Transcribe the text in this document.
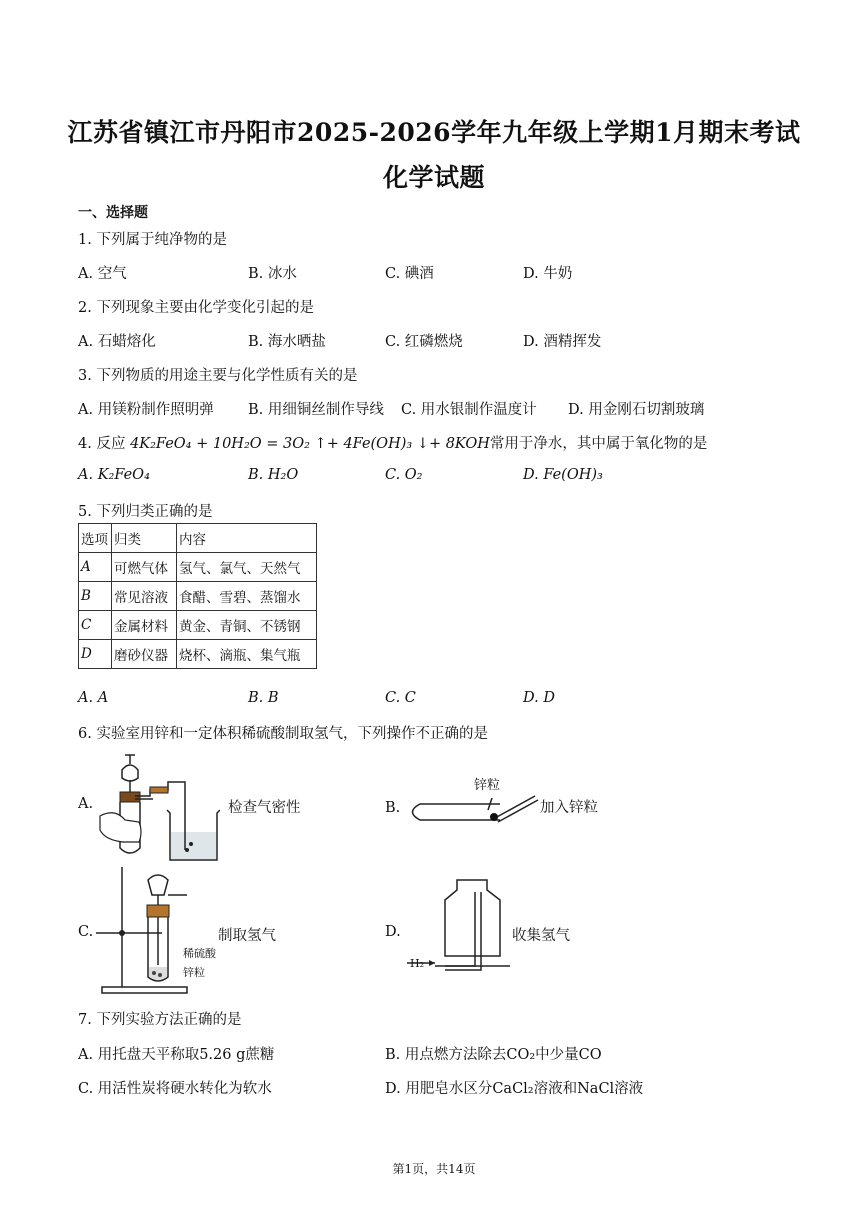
江苏省镇江市丹阳市2025-2026学年九年级上学期1月期末考试
化学试题
一、选择题
1. 下列属于纯净物的是
A. 空气	B. 冰水	C. 碘酒	D. 牛奶
2. 下列现象主要由化学变化引起的是
A. 石蜡熔化	B. 海水晒盐	C. 红磷燃烧	D. 酒精挥发
3. 下列物质的用途主要与化学性质有关的是
A. 用镁粉制作照明弹 B. 用细铜丝制作导线 C. 用水银制作温度计 D. 用金刚石切割玻璃
4. 反应 4K₂FeO₄ + 10H₂O = 3O₂ ↑+ 4Fe(OH)₃ ↓+ 8KOH常用于净水，其中属于氧化物的是
A. K₂FeO₄	B. H₂O	C. O₂	D. Fe(OH)₃
5. 下列归类正确的是
选项	归类	内容
A	可燃气体	氢气、氯气、天然气
B	常见溶液	食醋、雪碧、蒸馏水
C	金属材料	黄金、青铜、不锈钢
D	磨砂仪器	烧杯、滴瓶、集气瓶
A. A	B. B	C. C	D. D
6. 实验室用锌和一定体积稀硫酸制取氢气，下列操作不正确的是
A.	检查气密性	B.
锌粒
加入锌粒
C.
稀硫酸
锌粒
制取氢气	D.
H₂
收集氢气
7. 下列实验方法正确的是
A. 用托盘天平称取5.26 g蔗糖	B. 用点燃方法除去CO₂中少量CO
C. 用活性炭将硬水转化为软水	D. 用肥皂水区分CaCl₂溶液和NaCl溶液
第1页，共14页
